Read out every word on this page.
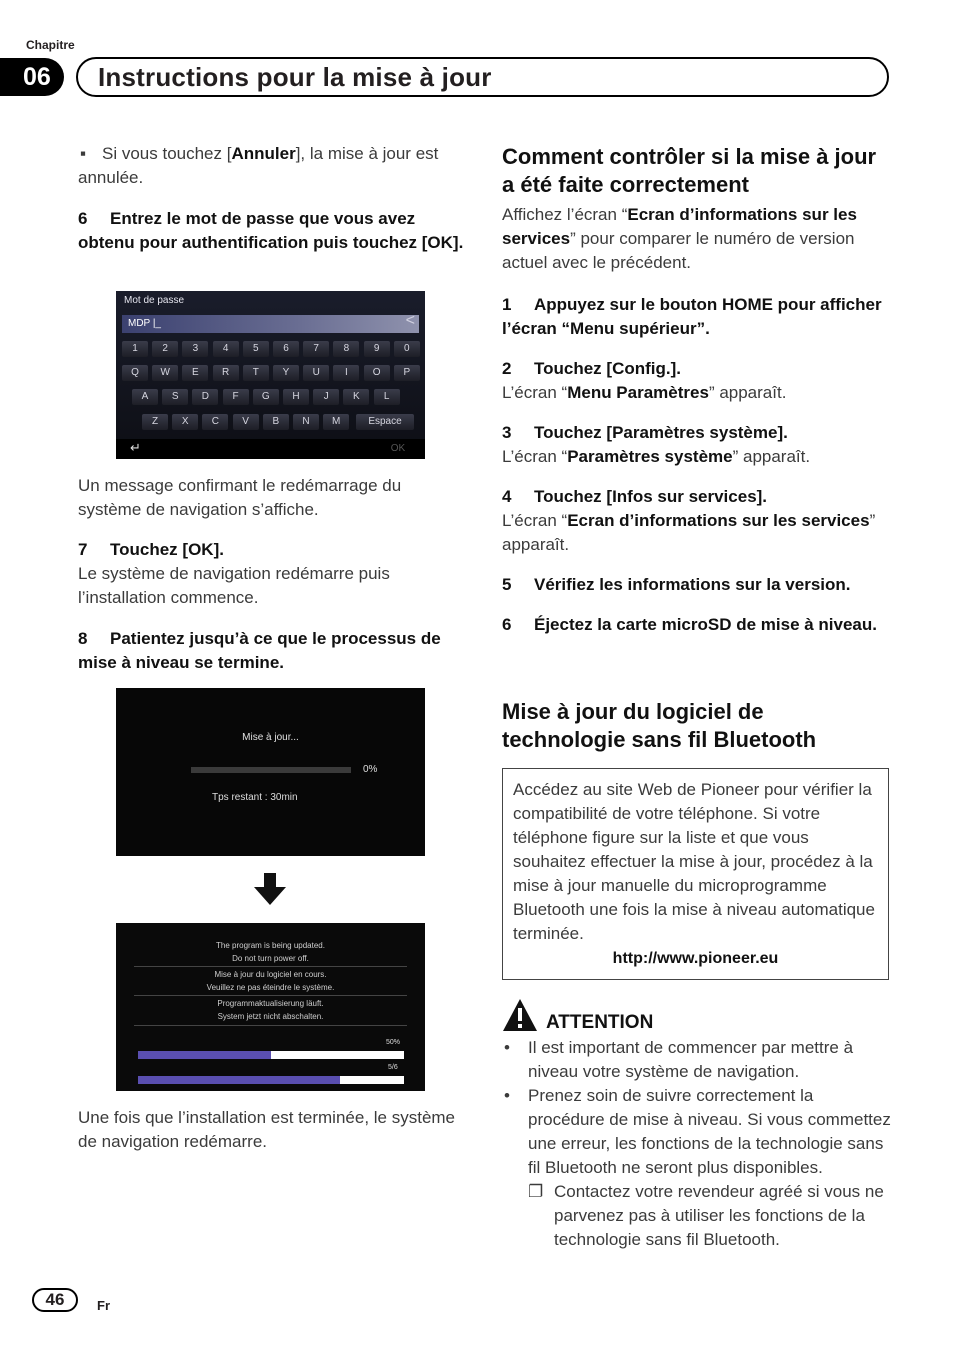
Chapitre
06	Instructions pour la mise à jour
▪ Si vous touchez [Annuler], la mise à jour est annulée.
6 Entrez le mot de passe que vous avez obtenu pour authentification puis touchez [OK].
Mot de passe
MDP |_	<
1	2	3	4	5	6	7	8	9	0
Q	W	E	R	T	Y	U	I	O	P
A	S	D	F	G	H	J	K	L
Z	X	C	V	B	N	M	Espace
↵	OK
Un message confirmant le redémarrage du système de navigation s’affiche.
7 Touchez [OK].
Le système de navigation redémarre puis l’installation commence.
8 Patientez jusqu’à ce que le processus de mise à niveau se termine.
Mise à jour...
0%
Tps restant : 30min
The program is being updated.
Do not turn power off.
Mise à jour du logiciel en cours.
Veuillez ne pas éteindre le système.
Programmaktualisierung läuft.
System jetzt nicht abschalten.
50%
5/6
Une fois que l’installation est terminée, le système de navigation redémarre.
Comment contrôler si la mise à jour a été faite correctement
Affichez l’écran “Ecran d’informations sur les services” pour comparer le numéro de version actuel avec le précédent.
1 Appuyez sur le bouton HOME pour afficher l’écran “Menu supérieur”.
2 Touchez [Config.].
L’écran “Menu Paramètres” apparaît.
3 Touchez [Paramètres système].
L’écran “Paramètres système” apparaît.
4 Touchez [Infos sur services].
L’écran “Ecran d’informations sur les services” apparaît.
5 Vérifiez les informations sur la version.
6 Éjectez la carte microSD de mise à niveau.
Mise à jour du logiciel de technologie sans fil Bluetooth
Accédez au site Web de Pioneer pour vérifier la compatibilité de votre téléphone. Si votre téléphone figure sur la liste et que vous souhaitez effectuer la mise à jour, procédez à la mise à jour manuelle du microprogramme Bluetooth une fois la mise à niveau automatique terminée.
http://www.pioneer.eu
ATTENTION
•	Il est important de commencer par mettre à niveau votre système de navigation.
•	Prenez soin de suivre correctement la procédure de mise à niveau. Si vous commettez une erreur, les fonctions de la technologie sans fil Bluetooth ne seront plus disponibles.
❐ Contactez votre revendeur agréé si vous ne parvenez pas à utiliser les fonctions de la technologie sans fil Bluetooth.
46	Fr
